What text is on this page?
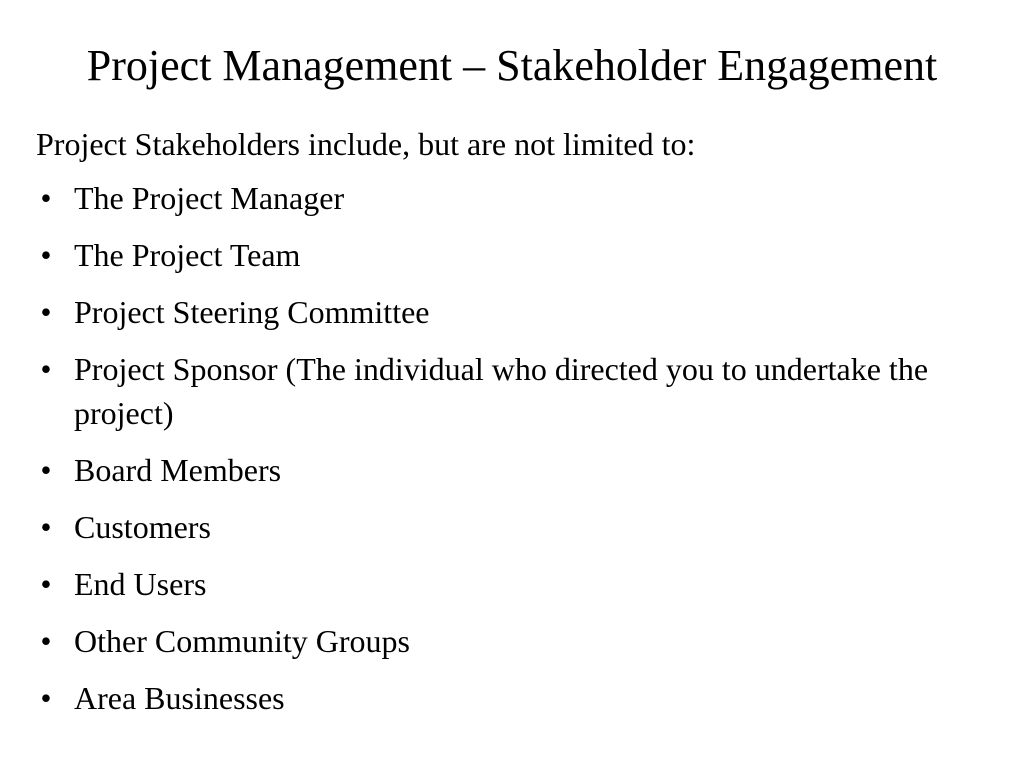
Project Management – Stakeholder Engagement
Project Stakeholders include, but are not limited to:
• The Project Manager
• The Project Team
• Project Steering Committee
• Project Sponsor (The individual who directed you to undertake the project)
• Board Members
• Customers
• End Users
• Other Community Groups
• Area Businesses
